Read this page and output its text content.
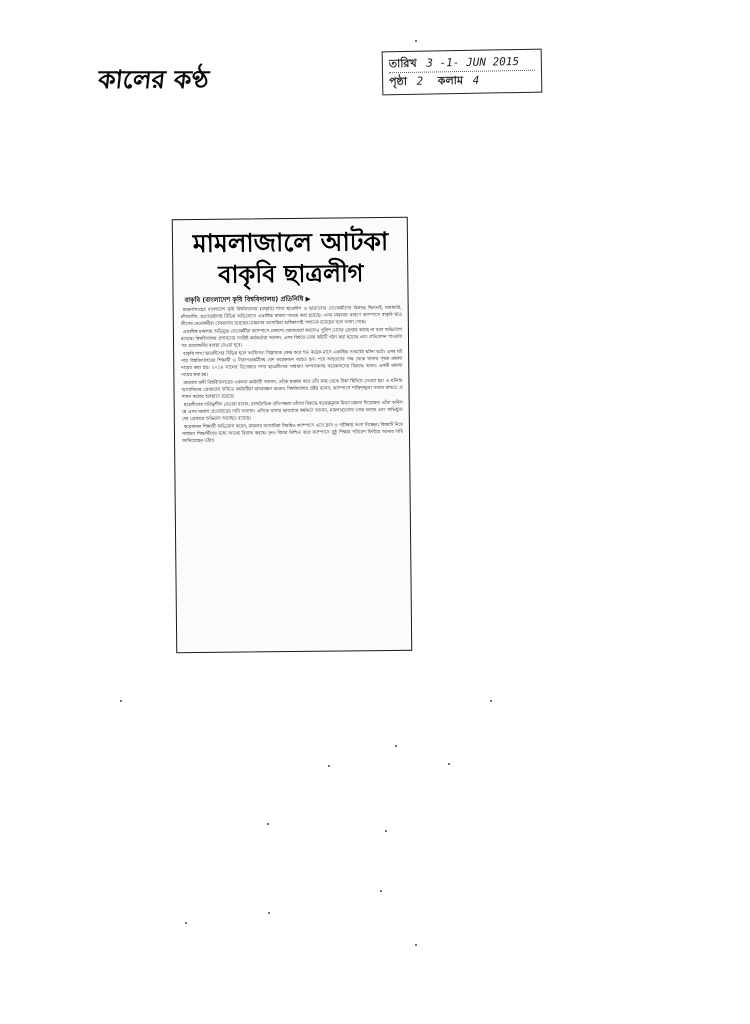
কালের কণ্ঠ
তারিখ 3 -1- JUN 2015
পৃষ্ঠা 2 কলাম 4
মামলাজালে আটকা
বাকৃবি ছাত্রলীগ
বাকৃবি (বাংলাদেশ কৃষি বিশ্ববিদ্যালয়) প্রতিনিধি ▶

ময়মনসিংহের বাংলাদেশ কৃষি বিশ্ববিদ্যালয় (বাকৃবি) শাখা ছাত্রলীগ ও ছাত্রদলের নেতাকর্মীদের বিরুদ্ধে ছিনতাই, মারামারি, চাঁদাবাজি, হত্যাচেষ্টাসহ বিভিন্ন অভিযোগে একাধিক মামলা দায়ের করা হয়েছে। এসব মামলার কারণে ক্যাম্পাসে বাকৃবি ছাত্রলীগের নেতাকর্মীরা বেকায়দায় রয়েছেন। মামলার আসামিরা অধিকাংশই পলাতক রয়েছেন বলে জানা গেছে।

একাধিক মামলায় অভিযুক্ত নেতাকর্মীরা ক্যাম্পাসে প্রকাশ্যে ঘোরাফেরা করলেও পুলিশ তাদের গ্রেপ্তার করছে না বলে অভিযোগ রয়েছে। বিশ্ববিদ্যালয় প্রশাসনের সংশ্লিষ্ট কর্মকর্তারা জানান, এসব বিষয়ে তদন্ত কমিটি গঠন করা হয়েছে এবং প্রতিবেদন পাওয়ার পর প্রয়োজনীয় ব্যবস্থা নেওয়া হবে।

বাকৃবি শাখা ছাত্রলীগের বিভিন্ন হলে আধিপত্য বিস্তারকে কেন্দ্র করে গত কয়েক মাসে একাধিক সংঘর্ষের ঘটনা ঘটে। এসব ঘটনায় বিশ্ববিদ্যালয়ের শিক্ষার্থী ও নিরাপত্তাকর্মীসহ বেশ কয়েকজন আহত হন। পরে আহতদের পক্ষ থেকে থানায় পৃথক মামলা দায়ের করা হয়। ২০১৪ সালের ডিসেম্বরে শাখা ছাত্রলীগের সাধারণ সম্পাদকসহ কয়েকজনের বিরুদ্ধে আরও একটি মামলা দায়ের করা হয়।

মামলার বাদী বিশ্ববিদ্যালয়ের একজন কর্মচারী জানান, তাঁকে মারধর করে তাঁর কাছ থেকে টাকা ছিনিয়ে নেওয়া হয়। এ ঘটনায় আসামিদের গ্রেপ্তারের দাবিতে কর্মচারীরা মানববন্ধন করেন। বিশ্ববিদ্যালয় প্রক্টর বলেন, ক্যাম্পাসে শান্তিশৃঙ্খলা বজায় রাখতে প্রশাসন কঠোর অবস্থানে রয়েছে।

ছাত্রলীগের দায়িত্বশীল নেতারা বলেন, রাজনৈতিক প্রতিপক্ষরা তাঁদের বিরুদ্ধে ষড়যন্ত্রমূলক মিথ্যা মামলা দিয়েছেন। তাঁরা অবিলম্বে এসব মামলা প্রত্যাহারের দাবি জানান। এদিকে থানার ভারপ্রাপ্ত কর্মকর্তা জানান, মামলাগুলোর তদন্ত চলছে এবং অভিযুক্তদের গ্রেপ্তারে অভিযান অব্যাহত রয়েছে।

কয়েকজন শিক্ষার্থী অভিযোগ করেন, মামলার আসামিরা নিয়মিত ক্যাম্পাসে এসে ক্লাস ও পরীক্ষায় অংশ নিচ্ছেন। বিষয়টি নিয়ে সাধারণ শিক্ষার্থীদের মধ্যে আতঙ্ক বিরাজ করছে। দ্রুত বিচার নিশ্চিত করে ক্যাম্পাসে সুষ্ঠু শিক্ষার পরিবেশ ফিরিয়ে আনার দাবি জানিয়েছেন তাঁরা।
